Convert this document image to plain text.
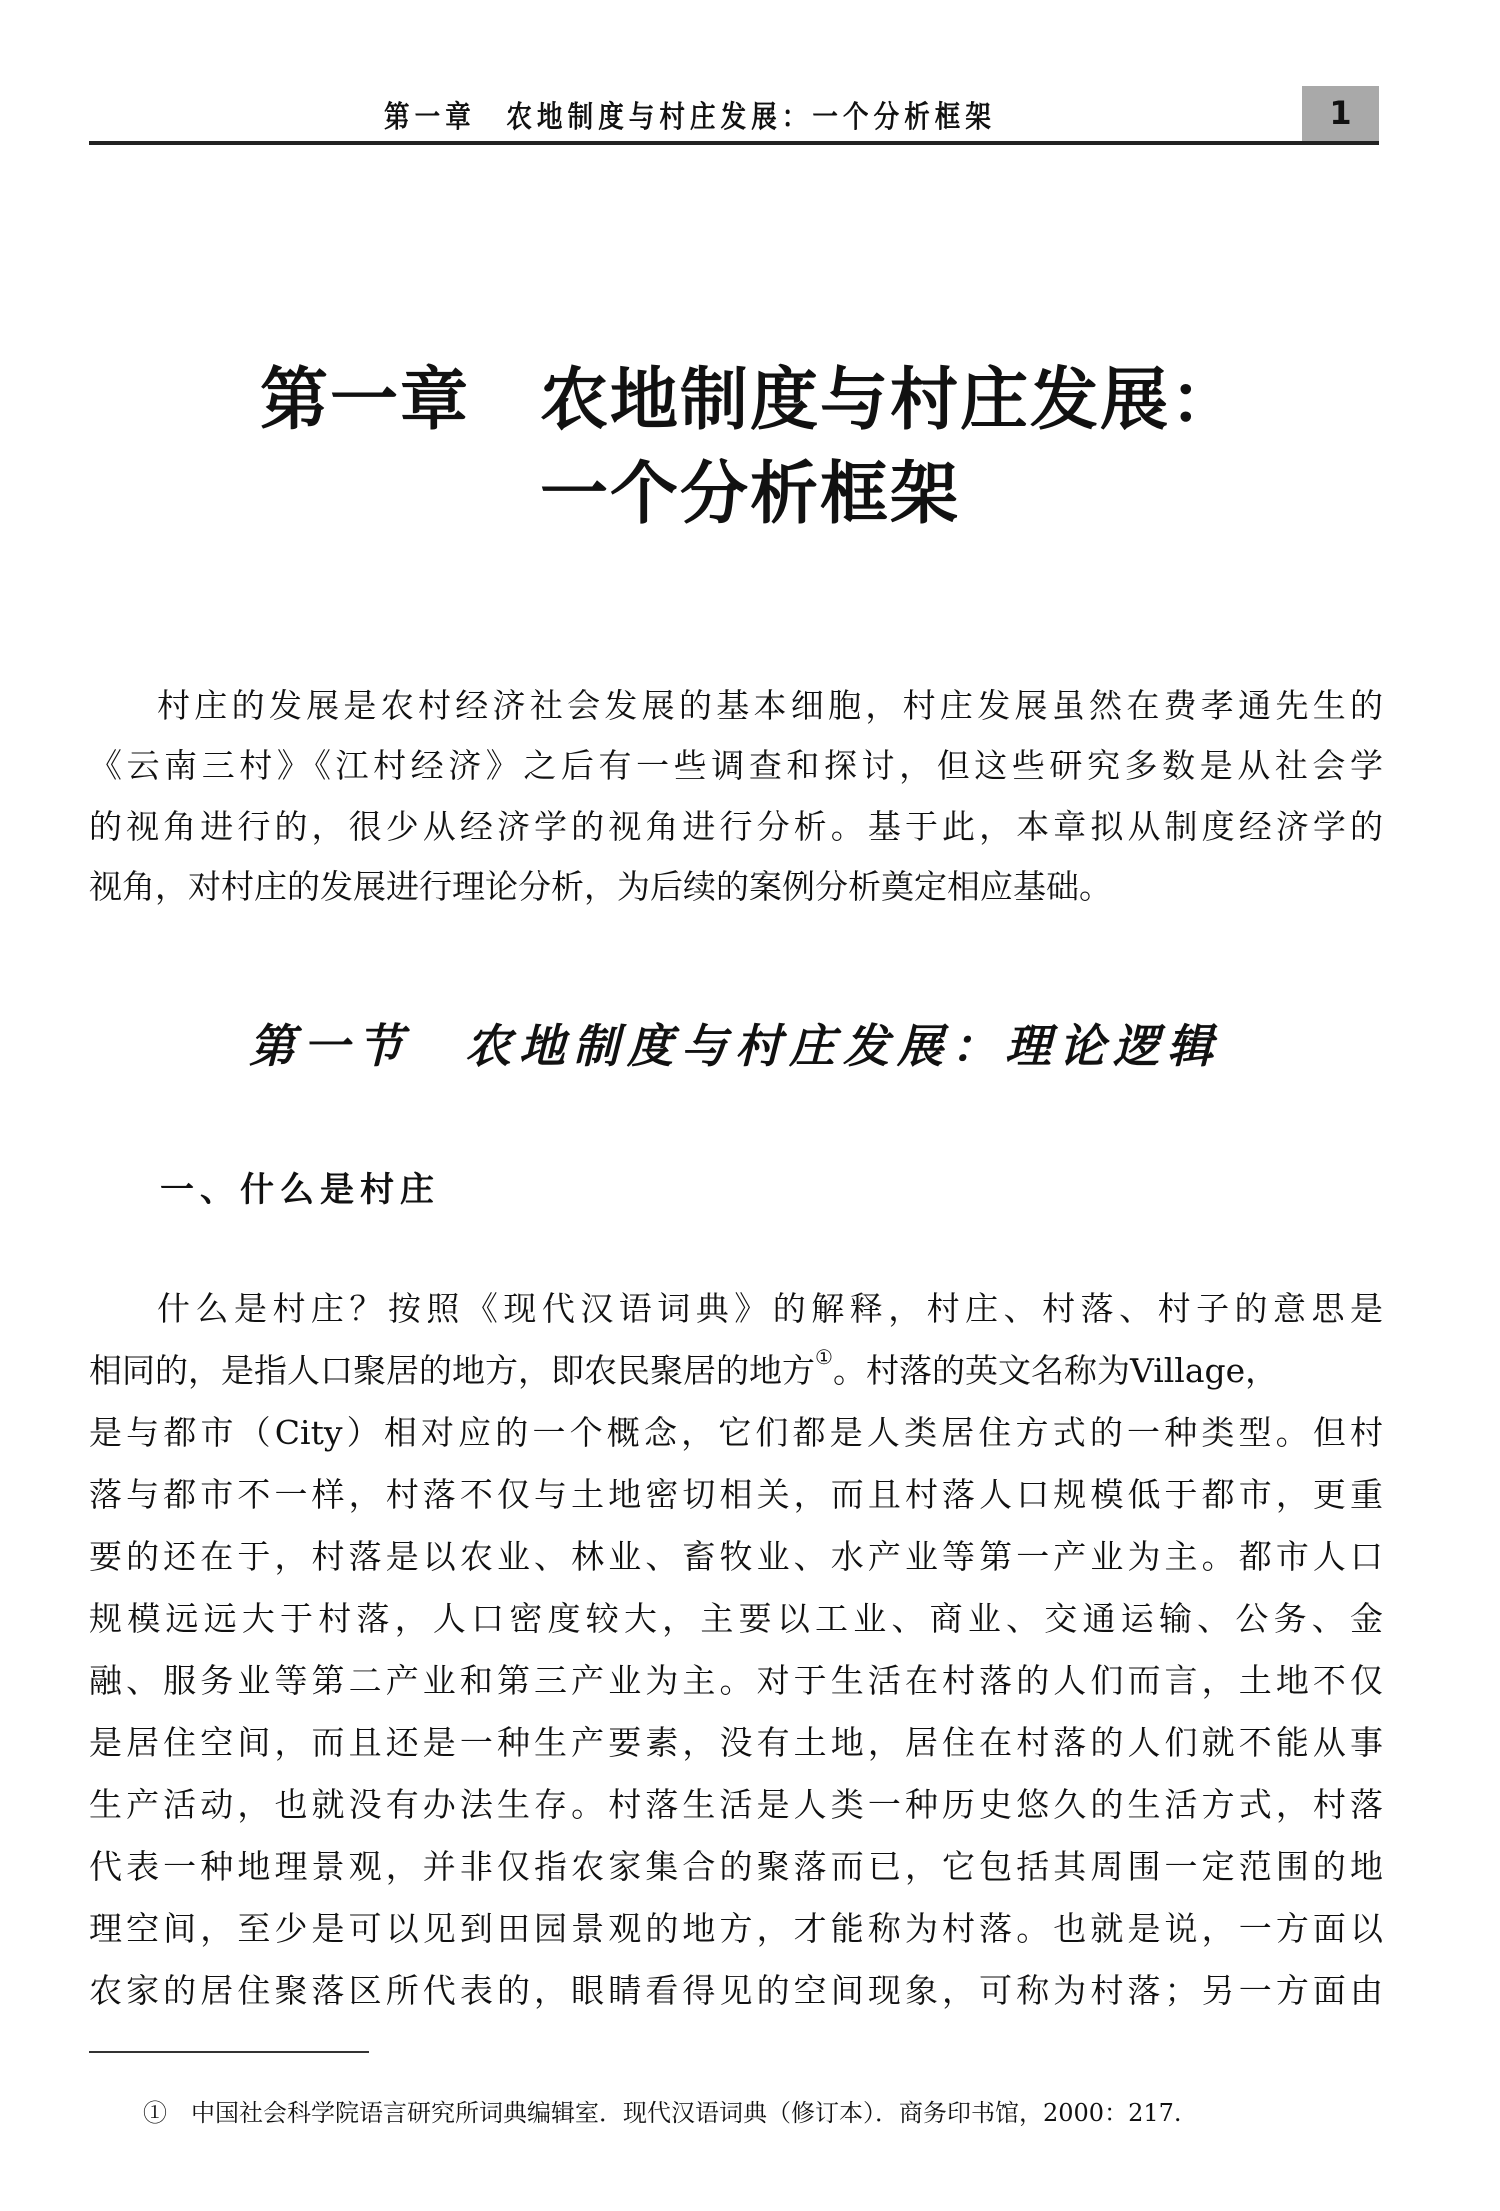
第一章　农地制度与村庄发展：一个分析框架	1
第一章　农地制度与村庄发展：
一个分析框架
村庄的发展是农村经济社会发展的基本细胞，村庄发展虽然在费孝通先生的
《云南三村》《江村经济》之后有一些调查和探讨，但这些研究多数是从社会学
的视角进行的，很少从经济学的视角进行分析。基于此，本章拟从制度经济学的
视角，对村庄的发展进行理论分析，为后续的案例分析奠定相应基础。
第一节　农地制度与村庄发展：理论逻辑
一、什么是村庄
什么是村庄？按照《现代汉语词典》的解释，村庄、村落、村子的意思是
相同的，是指人口聚居的地方，即农民聚居的地方 ① 。村落的英文名称为Village，
是与都市（City）相对应的一个概念，它们都是人类居住方式的一种类型。但村
落与都市不一样，村落不仅与土地密切相关，而且村落人口规模低于都市，更重
要的还在于，村落是以农业、林业、畜牧业、水产业等第一产业为主。都市人口
规模远远大于村落，人口密度较大，主要以工业、商业、交通运输、公务、金
融、服务业等第二产业和第三产业为主。对于生活在村落的人们而言，土地不仅
是居住空间，而且还是一种生产要素，没有土地，居住在村落的人们就不能从事
生产活动，也就没有办法生存。村落生活是人类一种历史悠久的生活方式，村落
代表一种地理景观，并非仅指农家集合的聚落而已，它包括其周围一定范围的地
理空间，至少是可以见到田园景观的地方，才能称为村落。也就是说，一方面以
农家的居住聚落区所代表的，眼睛看得见的空间现象，可称为村落；另一方面由
①　中国社会科学院语言研究所词典编辑室．现代汉语词典（修订本）．商务印书馆，2000：217.
